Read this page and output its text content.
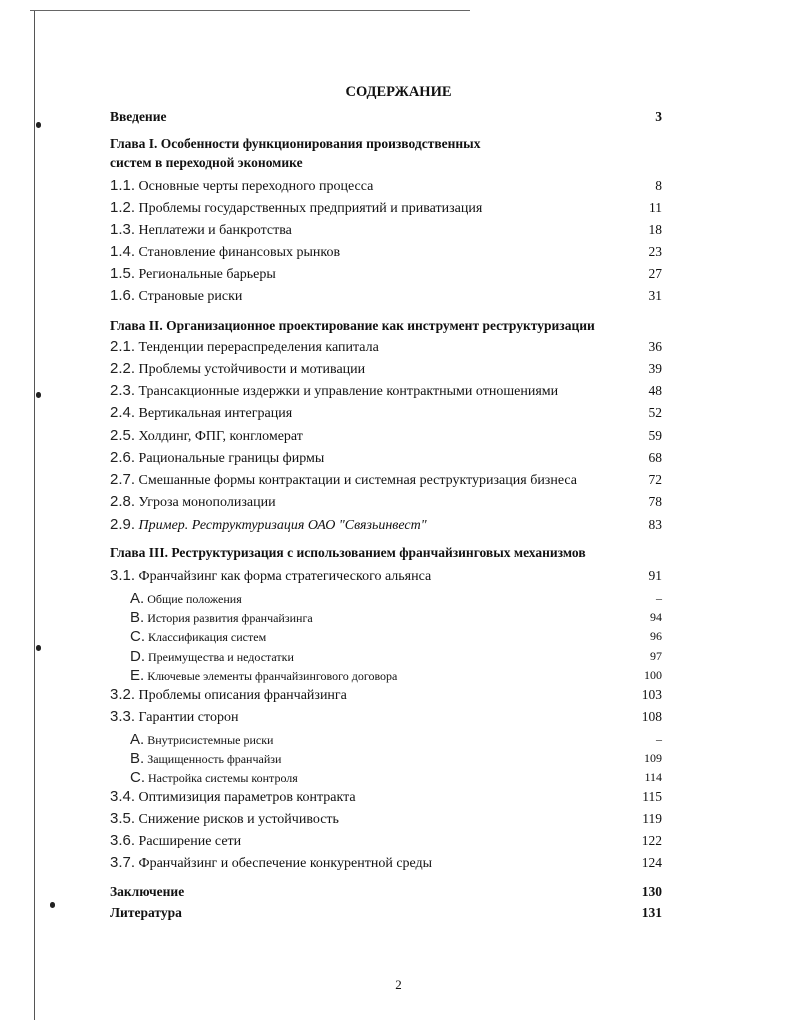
СОДЕРЖАНИЕ
Введение	3
Глава I. Особенности функционирования производственных
систем в переходной экономике
1.1. Основные черты переходного процесса	8
1.2. Проблемы государственных предприятий и приватизация	11
1.3. Неплатежи и банкротства	18
1.4. Становление финансовых рынков	23
1.5. Региональные барьеры	27
1.6. Страновые риски	31
Глава II. Организационное проектирование как инструмент реструктуризации
2.1. Тенденции перераспределения капитала	36
2.2. Проблемы устойчивости и мотивации	39
2.3. Трансакционные издержки и управление контрактными отношениями	48
2.4. Вертикальная интеграция	52
2.5. Холдинг, ФПГ, конгломерат	59
2.6. Рациональные границы фирмы	68
2.7. Смешанные формы контрактации и системная реструктуризация бизнеса	72
2.8. Угроза монополизации	78
2.9. Пример. Реструктуризация ОАО "Связьинвест"	83
Глава III. Реструктуризация с использованием франчайзинговых механизмов
3.1. Франчайзинг как форма стратегического альянса	91
A. Общие положения	–
B. История развития франчайзинга	94
C. Классификация систем	96
D. Преимущества и недостатки	97
E. Ключевые элементы франчайзингового договора	100
3.2. Проблемы описания франчайзинга	103
3.3. Гарантии сторон	108
A. Внутрисистемные риски	–
B. Защищенность франчайзи	109
C. Настройка системы контроля	114
3.4. Оптимизиция параметров контракта	115
3.5. Снижение рисков и устойчивость	119
3.6. Расширение сети	122
3.7. Франчайзинг и обеспечение конкурентной среды	124
Заключение	130
Литература	131
2
